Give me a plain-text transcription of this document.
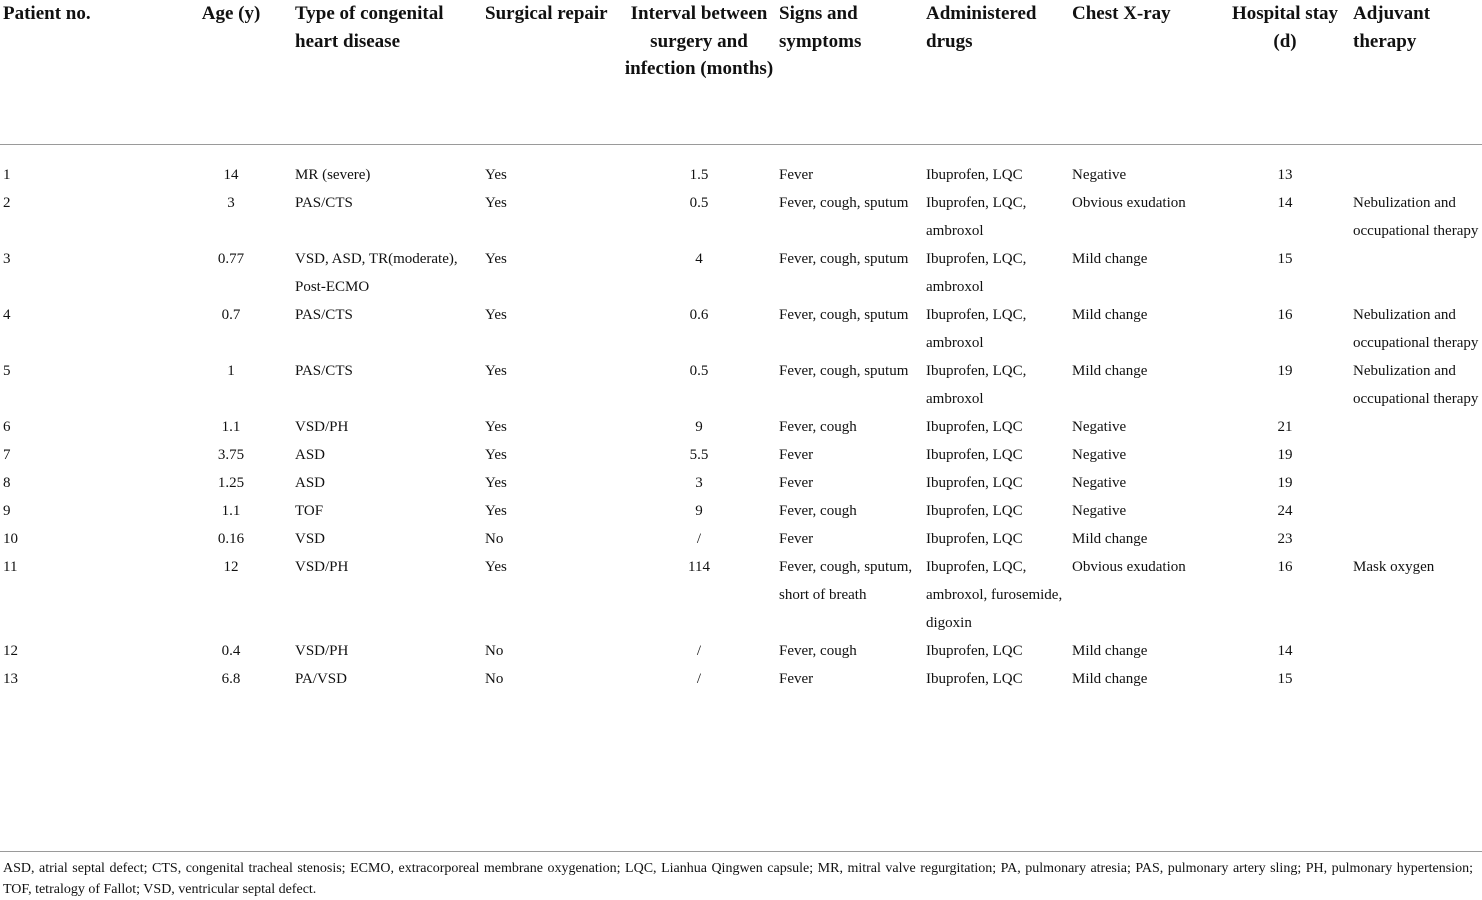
Patient no.	Age (y)	Type of congenital heart disease	Surgical repair	Interval between surgery and infection (months)	Signs and symptoms	Administered drugs	Chest X-ray	Hospital stay (d)	Adjuvant therapy
1	14	MR (severe)	Yes	1.5	Fever	Ibuprofen, LQC	Negative	13	
2	3	PAS/CTS	Yes	0.5	Fever, cough, sputum	Ibuprofen, LQC, ambroxol	Obvious exudation	14	Nebulization and occupational therapy
3	0.77	VSD, ASD, TR(moderate), Post-ECMO	Yes	4	Fever, cough, sputum	Ibuprofen, LQC, ambroxol	Mild change	15	
4	0.7	PAS/CTS	Yes	0.6	Fever, cough, sputum	Ibuprofen, LQC, ambroxol	Mild change	16	Nebulization and occupational therapy
5	1	PAS/CTS	Yes	0.5	Fever, cough, sputum	Ibuprofen, LQC, ambroxol	Mild change	19	Nebulization and occupational therapy
6	1.1	VSD/PH	Yes	9	Fever, cough	Ibuprofen, LQC	Negative	21	
7	3.75	ASD	Yes	5.5	Fever	Ibuprofen, LQC	Negative	19	
8	1.25	ASD	Yes	3	Fever	Ibuprofen, LQC	Negative	19	
9	1.1	TOF	Yes	9	Fever, cough	Ibuprofen, LQC	Negative	24	
10	0.16	VSD	No	/	Fever	Ibuprofen, LQC	Mild change	23	
11	12	VSD/PH	Yes	114	Fever, cough, sputum, short of breath	Ibuprofen, LQC, ambroxol, furosemide, digoxin	Obvious exudation	16	Mask oxygen
12	0.4	VSD/PH	No	/	Fever, cough	Ibuprofen, LQC	Mild change	14	
13	6.8	PA/VSD	No	/	Fever	Ibuprofen, LQC	Mild change	15	
ASD, atrial septal defect; CTS, congenital tracheal stenosis; ECMO, extracorporeal membrane oxygenation; LQC, Lianhua Qingwen capsule; MR, mitral valve regurgitation; PA, pulmonary atresia; PAS, pulmonary artery sling; PH, pulmonary hypertension; TOF, tetralogy of Fallot; VSD, ventricular septal defect.
